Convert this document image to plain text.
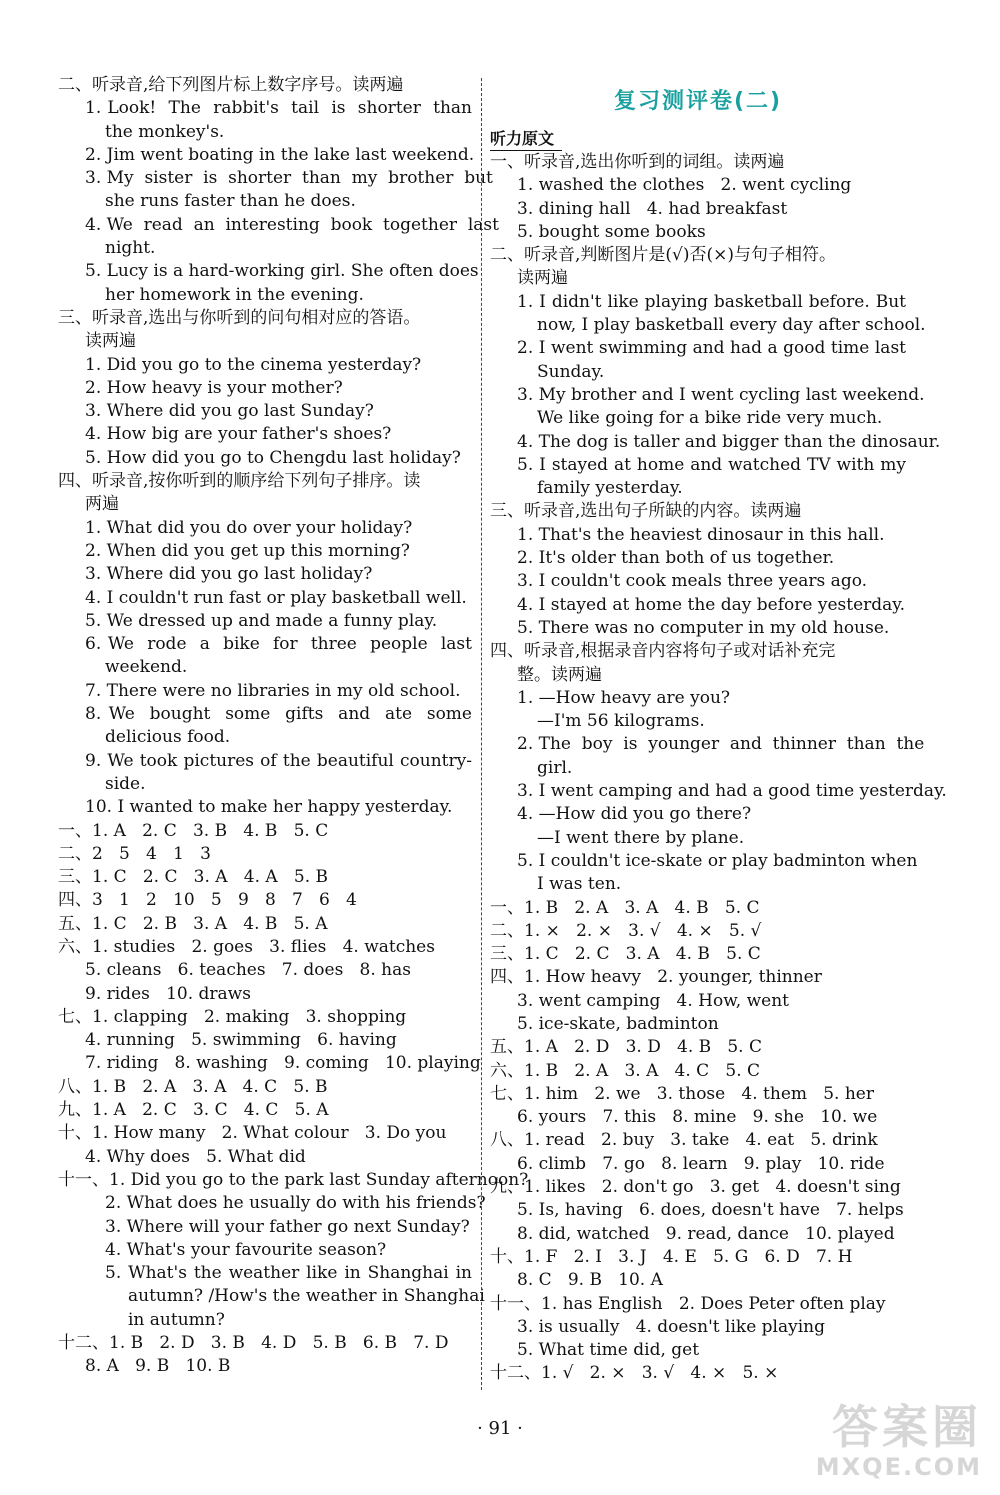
二、听录音,给下列图片标上数字序号。读两遍
1. Look!  The  rabbit's  tail  is  shorter  than
the monkey's.
2. Jim went boating in the lake last weekend.
3. My  sister  is  shorter  than  my  brother  but
she runs faster than he does.
4. We  read  an  interesting  book  together  last
night.
5. Lucy is a hard-working girl. She often does
her homework in the evening.
三、听录音,选出与你听到的问句相对应的答语。
读两遍
1. Did you go to the cinema yesterday?
2. How heavy is your mother?
3. Where did you go last Sunday?
4. How big are your father's shoes?
5. How did you go to Chengdu last holiday?
四、听录音,按你听到的顺序给下列句子排序。读
两遍
1. What did you do over your holiday?
2. When did you get up this morning?
3. Where did you go last holiday?
4. I couldn't run fast or play basketball well.
5. We dressed up and made a funny play.
6. We  rode  a  bike  for  three  people  last
weekend.
7. There were no libraries in my old school.
8. We  bought  some  gifts  and  ate  some
delicious food.
9. We took pictures of the beautiful country-
side.
10. I wanted to make her happy yesterday.
一、1. A   2. C   3. B   4. B   5. C
二、2   5   4   1   3
三、1. C   2. C   3. A   4. A   5. B
四、3   1   2   10   5   9   8   7   6   4
五、1. C   2. B   3. A   4. B   5. A
六、1. studies   2. goes   3. flies   4. watches
5. cleans   6. teaches   7. does   8. has
9. rides   10. draws
七、1. clapping   2. making   3. shopping
4. running   5. swimming   6. having
7. riding   8. washing   9. coming   10. playing
八、1. B   2. A   3. A   4. C   5. B
九、1. A   2. C   3. C   4. C   5. A
十、1. How many   2. What colour   3. Do you
4. Why does   5. What did
十一、1. Did you go to the park last Sunday afternoon?
2. What does he usually do with his friends?
3. Where will your father go next Sunday?
4. What's your favourite season?
5. What's the weather like in Shanghai in
autumn? /How's the weather in Shanghai
in autumn?
十二、1. B   2. D   3. B   4. D   5. B   6. B   7. D
8. A   9. B   10. B
复习测评卷(二)
听力原文
一、听录音,选出你听到的词组。读两遍
1. washed the clothes   2. went cycling
3. dining hall   4. had breakfast
5. bought some books
二、听录音,判断图片是(√)否(×)与句子相符。
读两遍
1. I didn't like playing basketball before. But
now, I play basketball every day after school.
2. I went swimming and had a good time last
Sunday.
3. My brother and I went cycling last weekend.
We like going for a bike ride very much.
4. The dog is taller and bigger than the dinosaur.
5. I stayed at home and watched TV with my
family yesterday.
三、听录音,选出句子所缺的内容。读两遍
1. That's the heaviest dinosaur in this hall.
2. It's older than both of us together.
3. I couldn't cook meals three years ago.
4. I stayed at home the day before yesterday.
5. There was no computer in my old house.
四、听录音,根据录音内容将句子或对话补充完
整。读两遍
1. —How heavy are you?
—I'm 56 kilograms.
2. The  boy  is  younger  and  thinner  than  the
girl.
3. I went camping and had a good time yesterday.
4. —How did you go there?
—I went there by plane.
5. I couldn't ice-skate or play badminton when
I was ten.
一、1. B   2. A   3. A   4. B   5. C
二、1. ×   2. ×   3. √   4. ×   5. √
三、1. C   2. C   3. A   4. B   5. C
四、1. How heavy   2. younger, thinner
3. went camping   4. How, went
5. ice-skate, badminton
五、1. A   2. D   3. D   4. B   5. C
六、1. B   2. A   3. A   4. C   5. C
七、1. him   2. we   3. those   4. them   5. her
6. yours   7. this   8. mine   9. she   10. we
八、1. read   2. buy   3. take   4. eat   5. drink
6. climb   7. go   8. learn   9. play   10. ride
九、1. likes   2. don't go   3. get   4. doesn't sing
5. Is, having   6. does, doesn't have   7. helps
8. did, watched   9. read, dance   10. played
十、1. F   2. I   3. J   4. E   5. G   6. D   7. H
8. C   9. B   10. A
十一、1. has English   2. Does Peter often play
3. is usually   4. doesn't like playing
5. What time did, get
十二、1. √   2. ×   3. √   4. ×   5. ×
· 91 ·	答案圈
MXQE.COM
